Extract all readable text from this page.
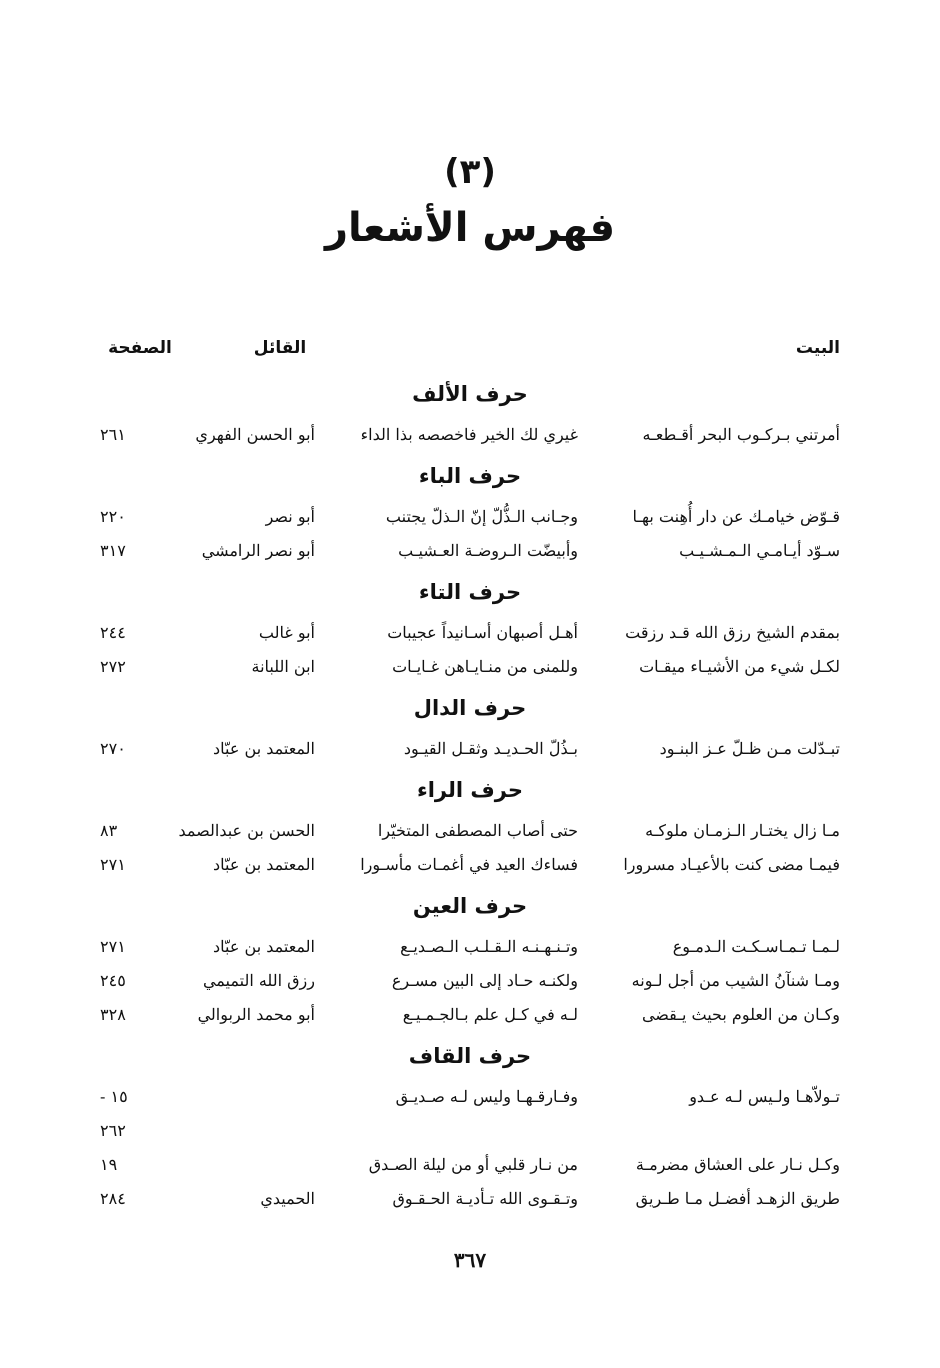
(٣)
فهرس الأشعار
البيت
القائل
الصفحة
حرف الألف
أمرتني بـركـوب البحر أقـطعـه
غيري لك الخير فاخصصه بذا الداء
أبو الحسن الفهري
٢٦١
حرف الباء
قـوّض خيامـك عن دار أُهِنت بهـا
وجـانب الـذُّلّ إنّ الـذلّ يجتنب
أبو نصر
٢٢٠
سـوّد أيـامـي الـمـشـيـب
وأبيضّت الـروضـة العـشيـب
أبو نصر الرامشي
٣١٧
حرف التاء
بمقدم الشيخ رزق الله قـد رزقت
أهـل أصبهان أسـانيداً عجيبات
أبو غالب
٢٤٤
لكـل شيء من الأشيـاء ميقـات
وللمنى من منـايـاهن غـايـات
ابن اللبانة
٢٧٢
حرف الدال
تبـدّلت مـن ظـلّ عـز البنـود
بـذُلّ الحـديـد وثقـل القيـود
المعتمد بن عبّاد
٢٧٠
حرف الراء
مـا زال يختـار الـزمـان ملوكـه
حتى أصاب المصطفى المتخيّرا
الحسن بن عبدالصمد
٨٣
فيمـا مضى كنت بالأعيـاد مسرورا
فساءك العيد في أغمـات مأسـورا
المعتمد بن عبّاد
٢٧١
حرف العين
لـمـا تـمـاسـكـت الـدمـوع
وتـنـهـنـه الـقـلـب الـصـديـع
المعتمد بن عبّاد
٢٧١
ومـا شنآنُ الشيب من أجل لـونه
ولكنـه حـاد إلى البين مسـرع
رزق الله التميمي
٢٤٥
وكـان من العلوم بحيث يـقضى
لـه في كـل علم بـالجـمـيـع
أبو محمد الربوالي
٣٢٨
حرف القاف
تـولاّهـا ولـيس لـه عـدو
وفـارقـهـا وليس لـه صـديـق
١٥ -
٢٦٢
وكـل نـار على العشاق مضرمـة
من نـار قلبي أو من ليلة الصـدق
١٩
طريق الزهـد أفضـل مـا طـريق
وتـقـوى الله تـأديـة الحـقـوق
الحميدي
٢٨٤
٣٦٧
